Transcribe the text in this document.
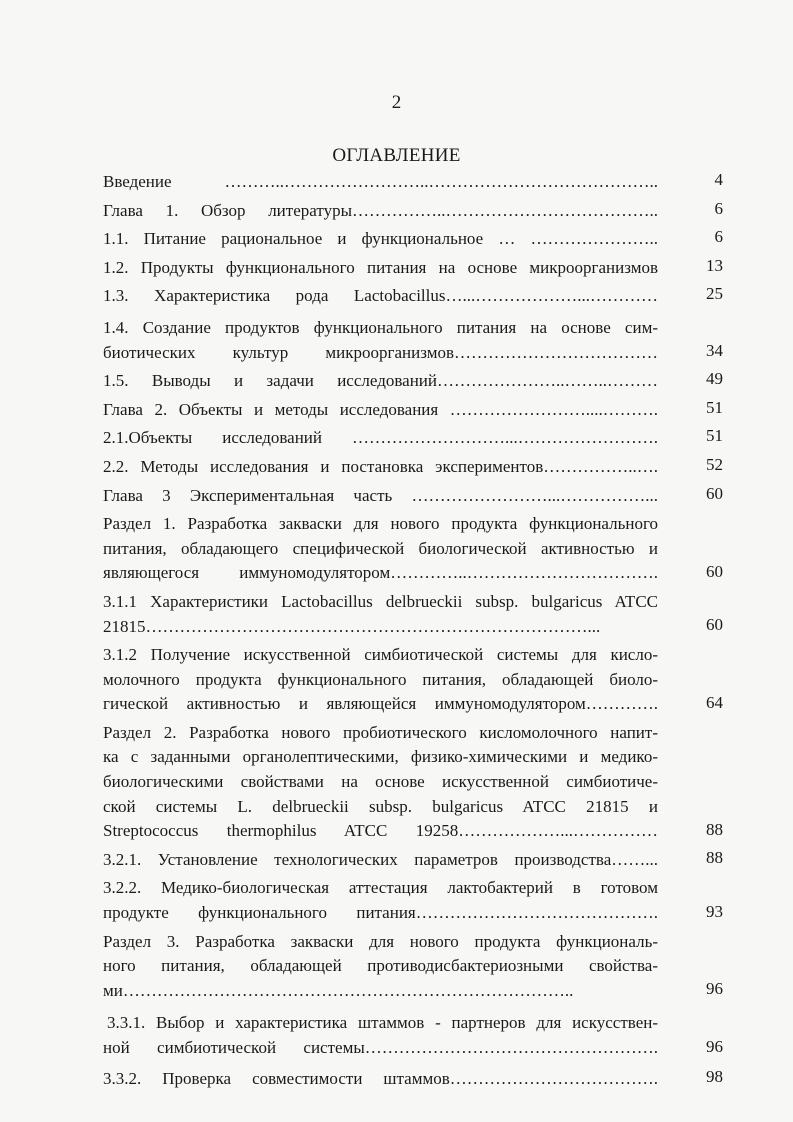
2
ОГЛАВЛЕНИЕ
Введение ………..……………………..…………………………………..	4
Глава 1. Обзор литературы……………..………………………………..	6
1.1. Питание рациональное и функциональное … …………………..	6
1.2. Продукты функционального питания на основе микроорганизмов	13
1.3. Характеристика рода Lactobacillus…...………………...…………	25
1.4. Создание продуктов функционального питания на основе сим-
биотических культур микроорганизмов………………………………	34
1.5. Выводы и задачи исследований…………………..……..………	49
Глава 2. Объекты и методы исследования ……………………....……….	51
2.1.Объекты исследований ………………………...…………………….	51
2.2. Методы исследования и постановка экспериментов……………..….	52
Глава 3 Экспериментальная часть ……………………...……………...	60
Раздел 1. Разработка закваски для нового продукта функционального
питания, обладающего специфической биологической активностью и
являющегося иммуномодулятором…………..…………………………….	60
3.1.1 Характеристики Lactobacillus delbrueckii subsp. bulgaricus ATCC
21815……………………………………………………………………...	60
3.1.2 Получение искусственной симбиотической системы для кисло-
молочного продукта функционального питания, обладающей биоло-
гической активностью и являющейся иммуномодулятором………….	64
Раздел 2. Разработка нового пробиотического кисломолочного напит-
ка с заданными органолептическими, физико-химическими и медико-
биологическими свойствами на основе искусственной симбиотиче-
ской системы L. delbrueckii subsp. bulgaricus ATCC 21815 и
Streptococcus thermophilus ATCC 19258………………...……………	88
3.2.1. Установление технологических параметров производства……...	88
3.2.2. Медико-биологическая аттестация лактобактерий в готовом
продукте функционального питания…………………………………….	93
Раздел 3. Разработка закваски для нового продукта функциональ-
ного питания, обладающей противодисбактериозными свойства-
ми……………………………………………………………………..	96
3.3.1. Выбор и характеристика штаммов - партнеров для искусствен-
ной симбиотической системы…………………………………………….	96
3.3.2. Проверка совместимости штаммов……………………………….	98
